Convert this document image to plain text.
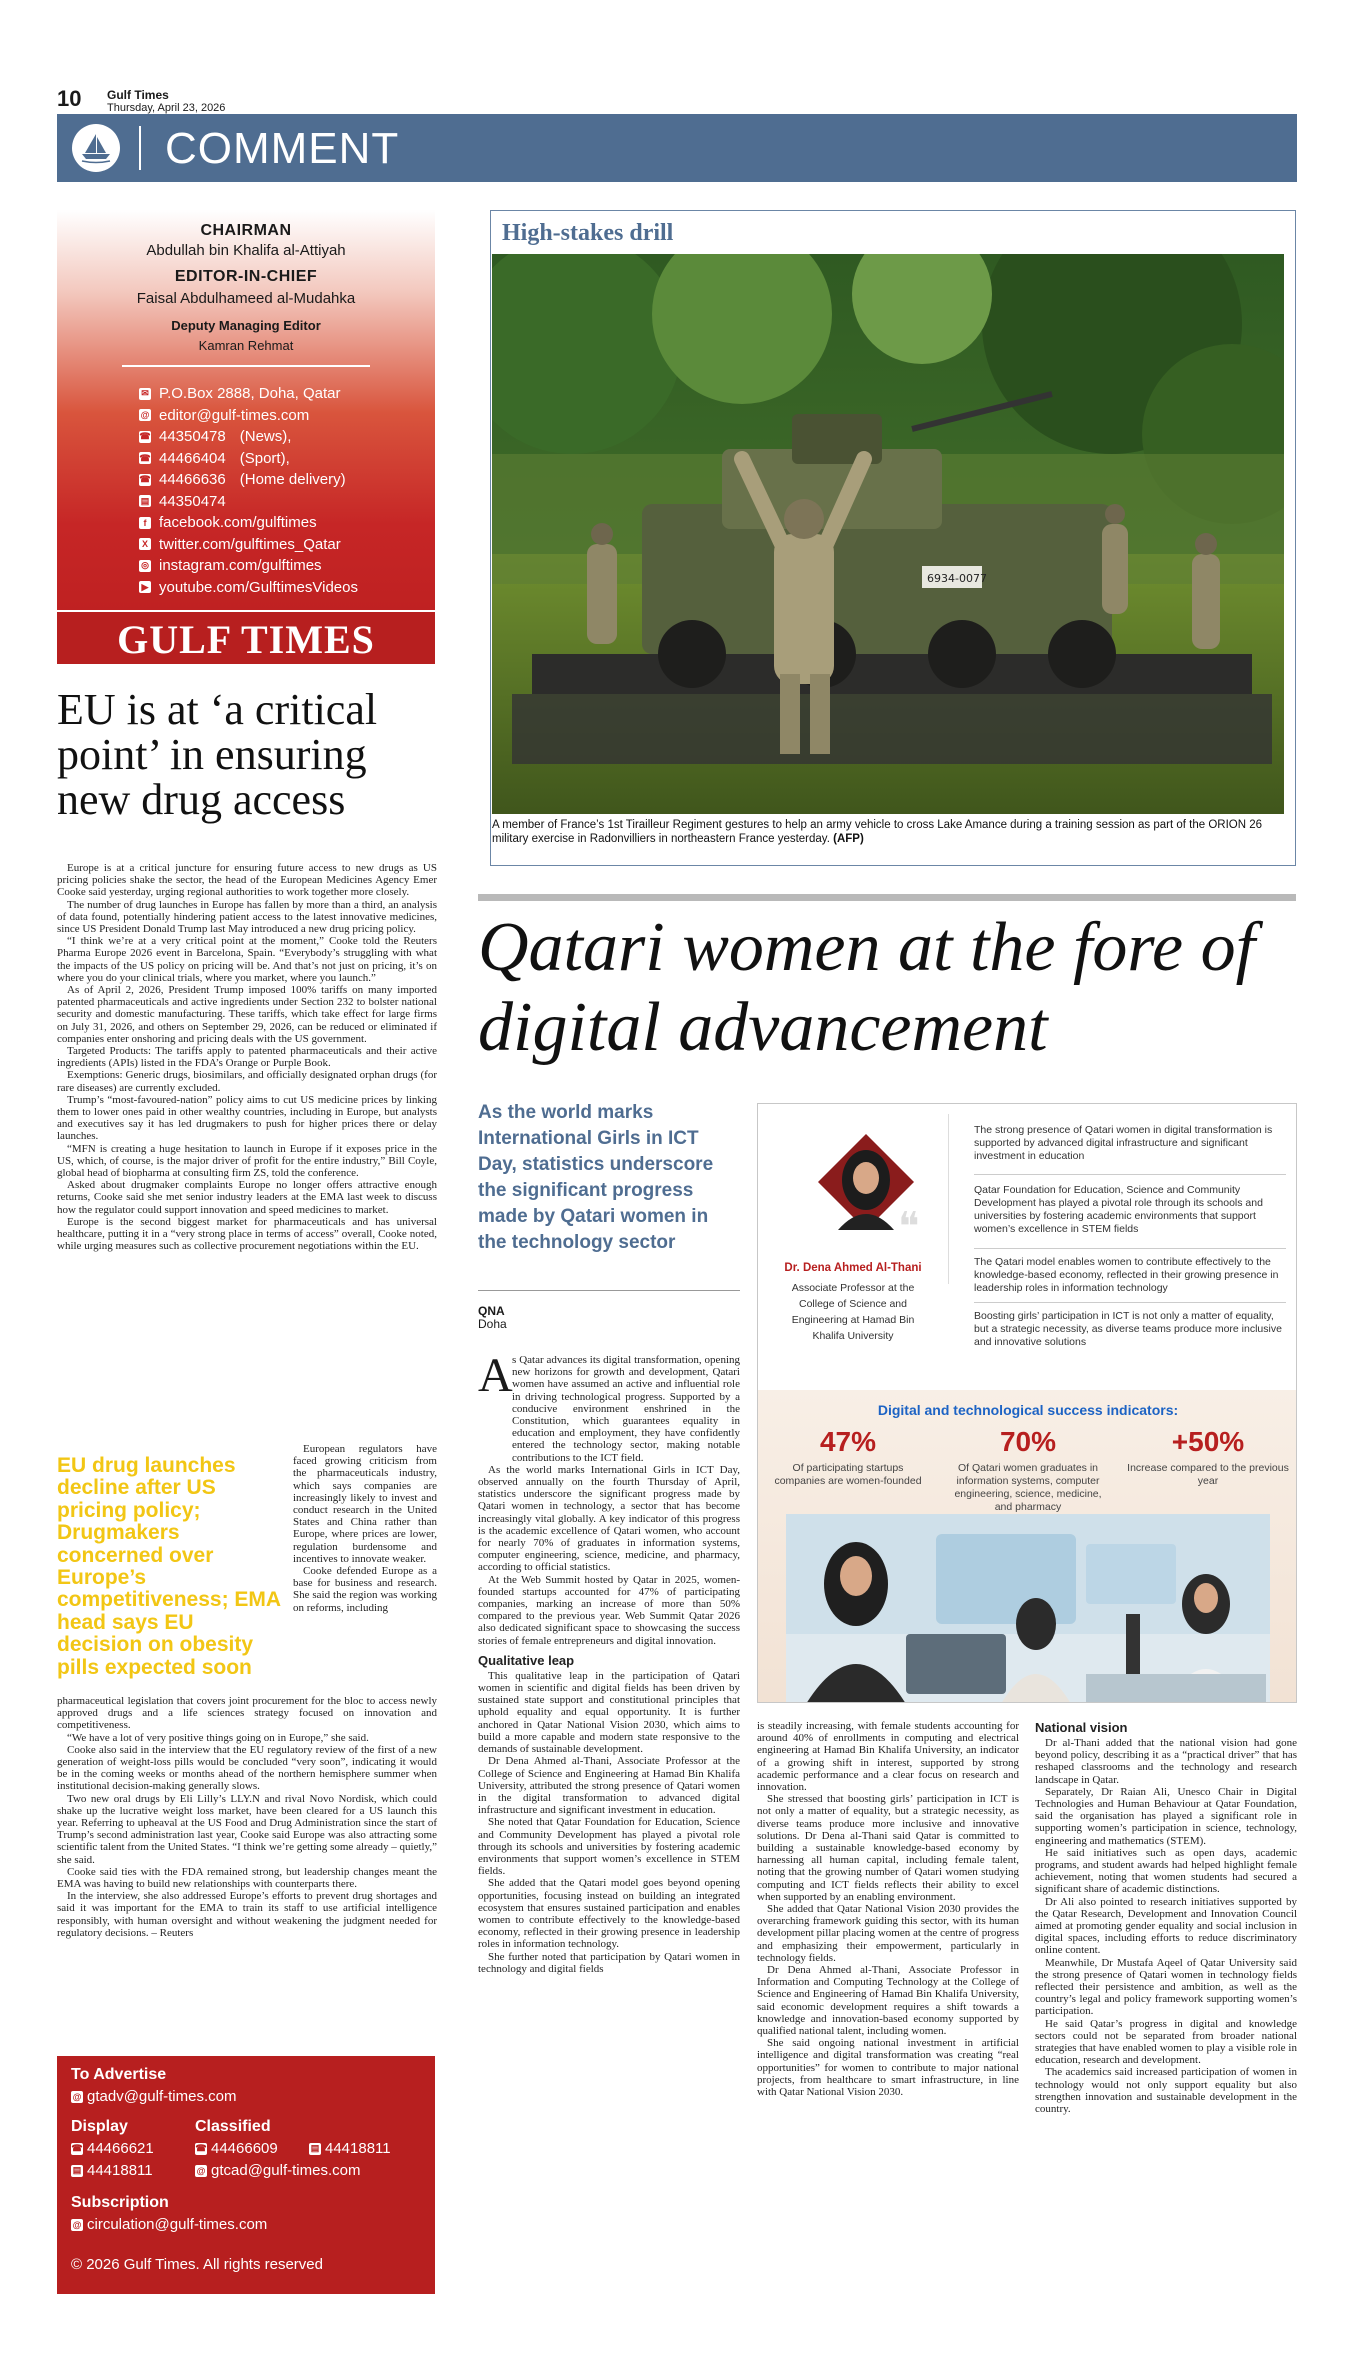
10 Gulf Times
Thursday, April 23, 2026
COMMENT
CHAIRMAN
Abdullah bin Khalifa al-Attiyah
EDITOR-IN-CHIEF
Faisal Abdulhameed al-Mudahka
Deputy Managing Editor
Kamran Rehmat
✉ P.O.Box 2888, Doha, Qatar
@ editor@gulf-times.com
☎ 44350478 (News),
☎ 44466404 (Sport),
☎ 44466636 (Home delivery)
▤ 44350474
f facebook.com/gulftimes
X twitter.com/gulftimes_Qatar
◎ instagram.com/gulftimes
▶ youtube.com/GulftimesVideos
GULF TIMES
EU is at ‘a critical point’ in ensuring new drug access

Europe is at a critical juncture for ensuring future access to new drugs as US pricing policies shake the sector, the head of the European Medicines Agency Emer Cooke said yesterday, urging regional authorities to work together more closely.

The number of drug launches in Europe has fallen by more than a third, an analysis of data found, potentially hindering patient access to the latest innovative medicines, since US President Donald Trump last May introduced a new drug pricing policy.

“I think we’re at a very critical point at the moment,” Cooke told the Reuters Pharma Europe 2026 event in Barcelona, Spain. “Everybody’s struggling with what the impacts of the US policy on pricing will be. And that’s not just on pricing, it’s on where you do your clinical trials, where you market, where you launch.”

As of April 2, 2026, President Trump imposed 100% tariffs on many imported patented pharmaceuticals and active ingredients under Section 232 to bolster national security and domestic manufacturing. These tariffs, which take effect for large firms on July 31, 2026, and others on September 29, 2026, can be reduced or eliminated if companies enter onshoring and pricing deals with the US government.

Targeted Products: The tariffs apply to patented pharmaceuticals and their active ingredients (APIs) listed in the FDA’s Orange or Purple Book.

Exemptions: Generic drugs, biosimilars, and officially designated orphan drugs (for rare diseases) are currently excluded.

Trump’s “most-favoured-nation” policy aims to cut US medicine prices by linking them to lower ones paid in other wealthy countries, including in Europe, but analysts and executives say it has led drugmakers to push for higher prices there or delay launches.

“MFN is creating a huge hesitation to launch in Europe if it exposes price in the US, which, of course, is the major driver of profit for the entire industry,” Bill Coyle, global head of biopharma at consulting firm ZS, told the conference.

Asked about drugmaker complaints Europe no longer offers attractive enough returns, Cooke said she met senior industry leaders at the EMA last week to discuss how the regulator could support innovation and speed medicines to market.

Europe is the second biggest market for pharmaceuticals and has universal healthcare, putting it in a “very strong place in terms of access” overall, Cooke noted, while urging measures such as collective procurement negotiations within the EU.

EU drug launches decline after US pricing policy; Drugmakers concerned over Europe’s competitiveness; EMA head says EU decision on obesity pills expected soon

European regulators have faced growing criticism from the pharmaceuticals industry, which says companies are increasingly likely to invest and conduct research in the United States and China rather than Europe, where prices are lower, regulation burdensome and incentives to innovate weaker.

Cooke defended Europe as a base for business and research. She said the region was working on reforms, including

pharmaceutical legislation that covers joint procurement for the bloc to access newly approved drugs and a life sciences strategy focused on innovation and competitiveness.

“We have a lot of very positive things going on in Europe,” she said.

Cooke also said in the interview that the EU regulatory review of the first of a new generation of weight-loss pills would be concluded “very soon”, indicating it would be in the coming weeks or months ahead of the northern hemisphere summer when institutional decision-making generally slows.

Two new oral drugs by Eli Lilly’s LLY.N and rival Novo Nordisk, which could shake up the lucrative weight loss market, have been cleared for a US launch this year. Referring to upheaval at the US Food and Drug Administration since the start of Trump’s second administration last year, Cooke said Europe was also attracting some scientific talent from the United States. “I think we’re getting some already – quietly,” she said.

Cooke said ties with the FDA remained strong, but leadership changes meant the EMA was having to build new relationships with counterparts there.

In the interview, she also addressed Europe’s efforts to prevent drug shortages and said it was important for the EMA to train its staff to use artificial intelligence responsibly, with human oversight and without weakening the judgment needed for regulatory decisions. – Reuters

To Advertise
@ gtadv@gulf-times.com
Display
☎ 44466621
▤ 44418811
Classified
☎ 44466609	▤ 44418811
@ gtcad@gulf-times.com
Subscription
@ circulation@gulf-times.com
© 2026 Gulf Times. All rights reserved
High-stakes drill
6934-0077
A member of France’s 1st Tirailleur Regiment gestures to help an army vehicle to cross Lake Amance during a training session as part of the ORION 26 military exercise in Radonvilliers in northeastern France yesterday. (AFP)
Qatari women at the fore of digital advancement
As the world marks International Girls in ICT Day, statistics underscore the significant progress made by Qatari women in the technology sector
QNA
Doha
A s Qatar advances its digital transformation, opening new horizons for growth and development, Qatari women have assumed an active and influential role in driving technological progress. Supported by a conducive environment enshrined in the Constitution, which guarantees equality in education and employment, they have confidently entered the technology sector, making notable contributions to the ICT field.

As the world marks International Girls in ICT Day, observed annually on the fourth Thursday of April, statistics underscore the significant progress made by Qatari women in technology, a sector that has become increasingly vital globally. A key indicator of this progress is the academic excellence of Qatari women, who account for nearly 70% of graduates in information systems, computer engineering, science, medicine, and pharmacy, according to official statistics.

At the Web Summit hosted by Qatar in 2025, women-founded startups accounted for 47% of participating companies, marking an increase of more than 50% compared to the previous year. Web Summit Qatar 2026 also dedicated significant space to showcasing the success stories of female entrepreneurs and digital innovation.

Qualitative leap

This qualitative leap in the participation of Qatari women in scientific and digital fields has been driven by sustained state support and constitutional principles that uphold equality and equal opportunity. It is further anchored in Qatar National Vision 2030, which aims to build a more capable and modern state responsive to the demands of sustainable development.

Dr Dena Ahmed al-Thani, Associate Professor at the College of Science and Engineering at Hamad Bin Khalifa University, attributed the strong presence of Qatari women in the digital transformation to advanced digital infrastructure and significant investment in education.

She noted that Qatar Foundation for Education, Science and Community Development has played a pivotal role through its schools and universities by fostering academic environments that support women’s excellence in STEM fields.

She added that the Qatari model goes beyond opening opportunities, focusing instead on building an integrated ecosystem that ensures sustained participation and enables women to contribute effectively to the knowledge-based economy, reflected in their growing presence in leadership roles in information technology.

She further noted that participation by Qatari women in technology and digital fields

❝
Dr. Dena Ahmed Al-Thani
Associate Professor at the College of Science and Engineering at Hamad Bin Khalifa University
The strong presence of Qatari women in digital transformation is supported by advanced digital infrastructure and significant investment in education
Qatar Foundation for Education, Science and Community Development has played a pivotal role through its schools and universities by fostering academic environments that support women’s excellence in STEM fields
The Qatari model enables women to contribute effectively to the knowledge-based economy, reflected in their growing presence in leadership roles in information technology
Boosting girls’ participation in ICT is not only a matter of equality, but a strategic necessity, as diverse teams produce more inclusive and innovative solutions
Digital and technological success indicators:
47%
Of participating startups companies are women-founded
70%
Of Qatari women graduates in information systems, computer engineering, science, medicine, and pharmacy
+50%
Increase compared to the previous year

is steadily increasing, with female students accounting for around 40% of enrollments in computing and electrical engineering at Hamad Bin Khalifa University, an indicator of a growing shift in interest, supported by strong academic performance and a clear focus on research and innovation.

She stressed that boosting girls’ participation in ICT is not only a matter of equality, but a strategic necessity, as diverse teams produce more inclusive and innovative solutions. Dr Dena al-Thani said Qatar is committed to building a sustainable knowledge-based economy by harnessing all human capital, including female talent, noting that the growing number of Qatari women studying computing and ICT fields reflects their ability to excel when supported by an enabling environment.

She added that Qatar National Vision 2030 provides the overarching framework guiding this sector, with its human development pillar placing women at the centre of progress and emphasizing their empowerment, particularly in technology fields.

Dr Dena Ahmed al-Thani, Associate Professor in Information and Computing Technology at the College of Science and Engineering of Hamad Bin Khalifa University, said economic development requires a shift towards a knowledge and innovation-based economy supported by qualified national talent, including women.

She said ongoing national investment in artificial intelligence and digital transformation was creating “real opportunities” for women to contribute to major national projects, from healthcare to smart infrastructure, in line with Qatar National Vision 2030.

National vision

Dr al-Thani added that the national vision had gone beyond policy, describing it as a “practical driver” that has reshaped classrooms and the technology and research landscape in Qatar.

Separately, Dr Raian Ali, Unesco Chair in Digital Technologies and Human Behaviour at Qatar Foundation, said the organisation has played a significant role in supporting women’s participation in science, technology, engineering and mathematics (STEM).

He said initiatives such as open days, academic programs, and student awards had helped highlight female achievement, noting that women students had secured a significant share of academic distinctions.

Dr Ali also pointed to research initiatives supported by the Qatar Research, Development and Innovation Council aimed at promoting gender equality and social inclusion in digital spaces, including efforts to reduce discriminatory online content.

Meanwhile, Dr Mustafa Aqeel of Qatar University said the strong presence of Qatari women in technology fields reflected their persistence and ambition, as well as the country’s legal and policy framework supporting women’s participation.

He said Qatar’s progress in digital and knowledge sectors could not be separated from broader national strategies that have enabled women to play a visible role in education, research and development.

The academics said increased participation of women in technology would not only support equality but also strengthen innovation and sustainable development in the country.
